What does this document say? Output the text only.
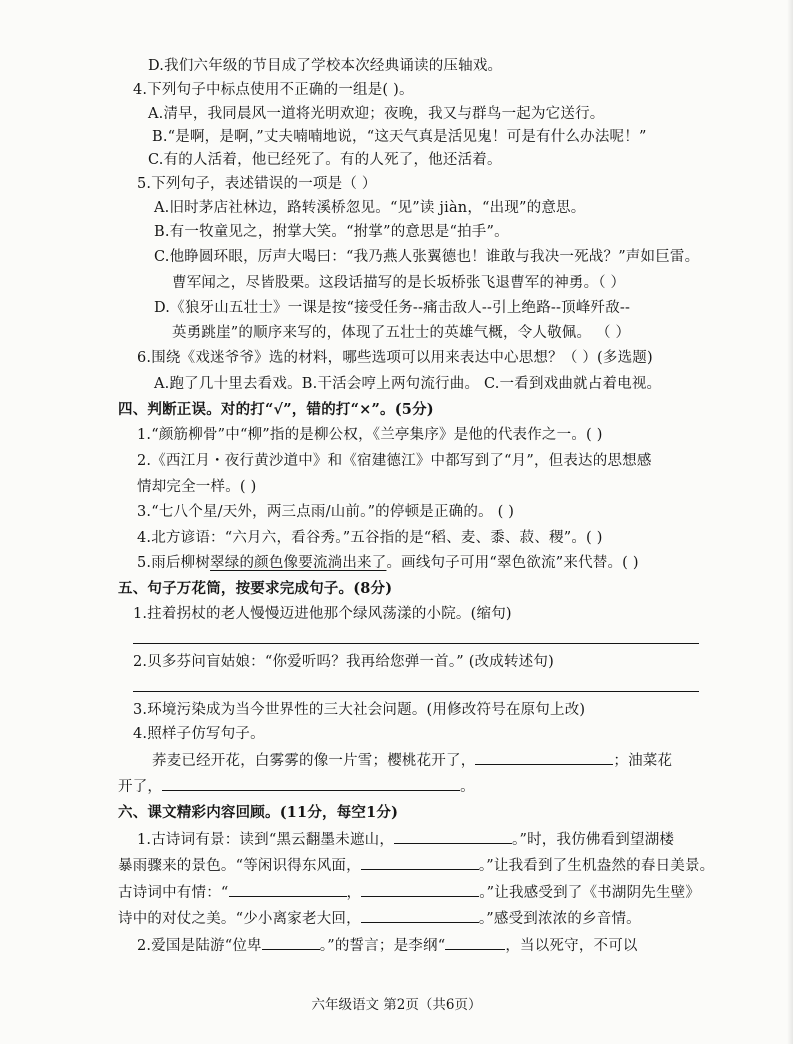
D.我们六年级的节目成了学校本次经典诵读的压轴戏。
4.下列句子中标点使用不正确的一组是( )。
A.清早，我同晨风一道将光明欢迎；夜晚，我又与群鸟一起为它送行。
B.“是啊，是啊，”丈夫喃喃地说，“这天气真是活见鬼！可是有什么办法呢！”
C.有的人活着，他已经死了。有的人死了，他还活着。
5.下列句子，表述错误的一项是（ ）
A.旧时茅店社林边，路转溪桥忽见。“见”读 jiàn，“出现”的意思。
B.有一牧童见之，拊掌大笑。“拊掌”的意思是“拍手”。
C.他睁圆环眼，厉声大喝曰：“我乃燕人张翼德也！谁敢与我决一死战？”声如巨雷。
曹军闻之，尽皆股栗。这段话描写的是长坂桥张飞退曹军的神勇。（ ）
D.《狼牙山五壮士》一课是按“接受任务--痛击敌人--引上绝路--顶峰歼敌--
英勇跳崖”的顺序来写的，体现了五壮士的英雄气概，令人敬佩。 （ ）
6.围绕《戏迷爷爷》选的材料，哪些选项可以用来表达中心思想？（ ）(多选题)
A.跑了几十里去看戏。B.干活会哼上两句流行曲。 C.一看到戏曲就占着电视。
四、判断正误。对的打“√”，错的打“×”。(5分)
1.“颜筋柳骨”中“柳”指的是柳公权，《兰亭集序》是他的代表作之一。( )
2.《西江月・夜行黄沙道中》和《宿建德江》中都写到了“月”，但表达的思想感
情却完全一样。( )
3.“七八个星/天外，两三点雨/山前。”的停顿是正确的。 ( )
4.北方谚语：“六月六，看谷秀。”五谷指的是“稻、麦、黍、菽、稷”。( )
5.雨后柳树翠绿的颜色像要流淌出来了。画线句子可用“翠色欲流”来代替。( )
五、句子万花筒，按要求完成句子。(8分)
1.拄着拐杖的老人慢慢迈进他那个绿风荡漾的小院。(缩句)
2.贝多芬问盲姑娘：“你爱听吗？我再给您弹一首。” (改成转述句)
3.环境污染成为当今世界性的三大社会问题。(用修改符号在原句上改)
4.照样子仿写句子。
荞麦已经开花，白雾雾的像一片雪；樱桃花开了，	；油菜花
开了，	。
六、课文精彩内容回顾。(11分，每空1分)
1.古诗词有景：读到“黑云翻墨未遮山，	。”时，我仿佛看到望湖楼
暴雨骤来的景色。“等闲识得东风面，	。”让我看到了生机盎然的春日美景。
古诗词中有情：“	，	。”让我感受到了《书湖阴先生壁》
诗中的对仗之美。“少小离家老大回，	。”感受到浓浓的乡音情。
2.爱国是陆游“位卑	。”的誓言；是李纲“	，当以死守，不可以
六年级语文 第2页（共6页）
